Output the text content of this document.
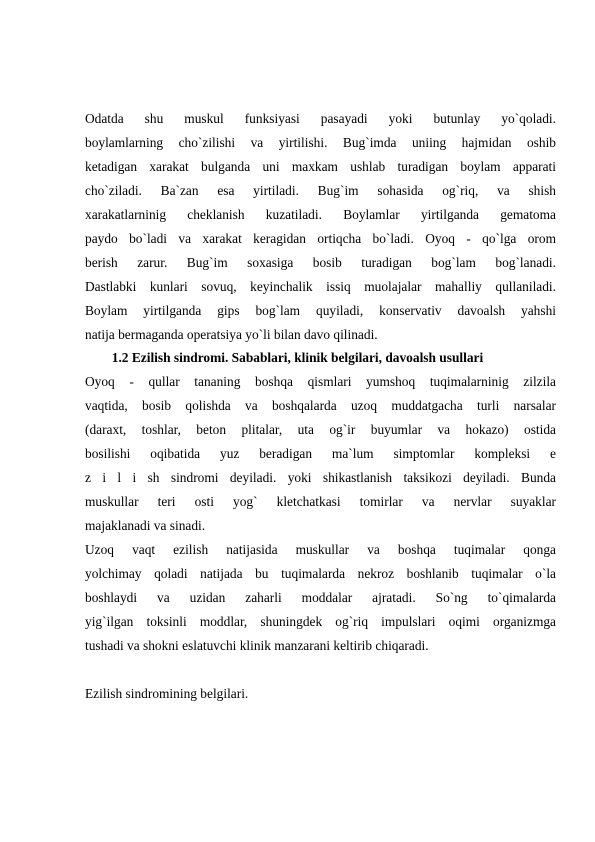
Odatda shu muskul funksiyasi pasayadi yoki butunlay yo`qoladi.
boylamlarning cho`zilishi va yirtilishi. Bug`imda uniing hajmidan oshib
ketadigan xarakat bulganda uni maxkam ushlab turadigan boylam apparati
cho`ziladi. Ba`zan esa yirtiladi. Bug`im sohasida og`riq, va shish
xarakatlarninig cheklanish kuzatiladi. Boylamlar yirtilganda gematoma
paydo bo`ladi va xarakat keragidan ortiqcha bo`ladi. Oyoq - qo`lga orom
berish zarur. Bug`im soxasiga bosib turadigan bog`lam bog`lanadi.
Dastlabki kunlari sovuq, keyinchalik issiq muolajalar mahalliy qullaniladi.
Boylam yirtilganda gips bog`lam quyiladi, konservativ davoalsh yahshi
natija bermaganda operatsiya yo`li bilan davo qilinadi.
1.2 Ezilish sindromi. Sabablari, klinik belgilari, davoalsh usullari
Oyoq - qullar tananing boshqa qismlari yumshoq tuqimalarninig zilzila
vaqtida, bosib qolishda va boshqalarda uzoq muddatgacha turli narsalar
(daraxt, toshlar, beton plitalar, uta og`ir buyumlar va hokazo) ostida
bosilishi oqibatida yuz beradigan ma`lum simptomlar kompleksi e
z i l i sh sindromi deyiladi. yoki shikastlanish taksikozi deyiladi. Bunda
muskullar teri osti yog` kletchatkasi tomirlar va nervlar suyaklar
majaklanadi va sinadi.
Uzoq vaqt ezilish natijasida muskullar va boshqa tuqimalar qonga
yolchimay qoladi natijada bu tuqimalarda nekroz boshlanib tuqimalar o`la
boshlaydi va uzidan zaharli moddalar ajratadi. So`ng to`qimalarda
yig`ilgan toksinli moddlar, shuningdek og`riq impulslari oqimi organizmga
tushadi va shokni eslatuvchi klinik manzarani keltirib chiqaradi.
Ezilish sindromining belgilari.
